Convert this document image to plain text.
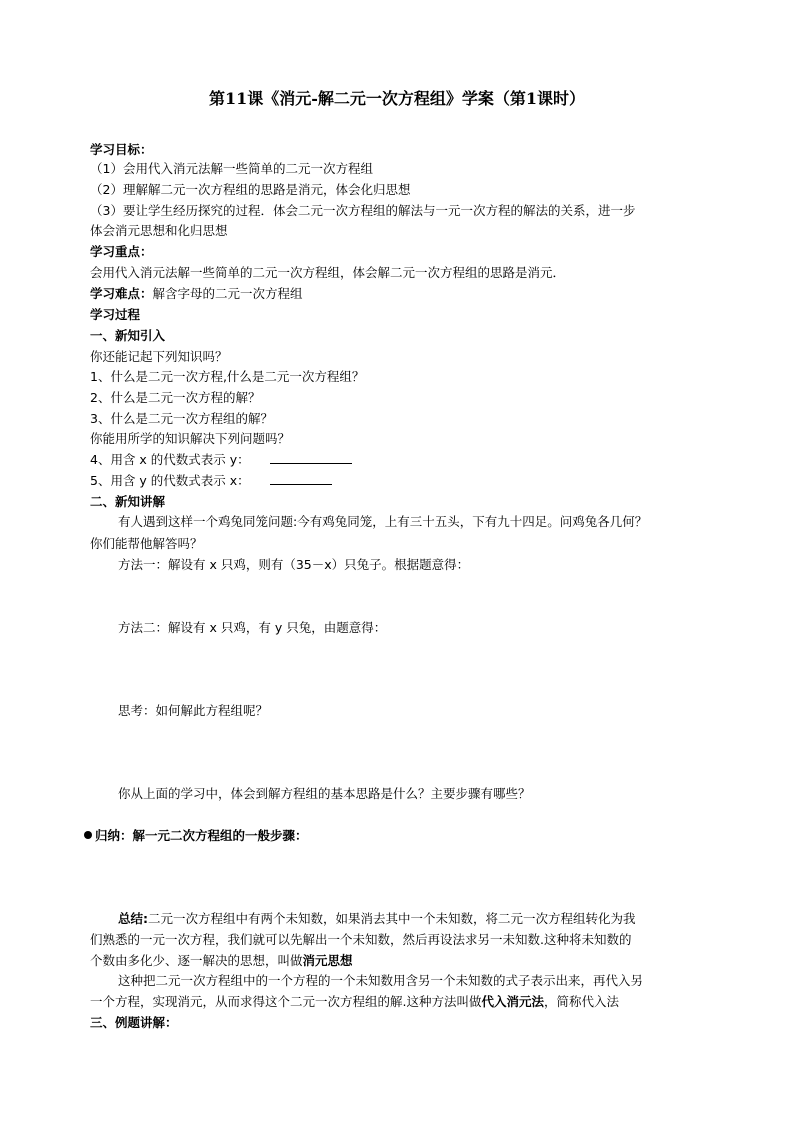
第11课《消元-解二元一次方程组》学案（第1课时）
学习目标：
（1）会用代入消元法解一些简单的二元一次方程组
（2）理解解二元一次方程组的思路是消元，体会化归思想
（3）要让学生经历探究的过程．体会二元一次方程组的解法与一元一次方程的解法的关系，进一步
体会消元思想和化归思想
学习重点：
会用代入消元法解一些简单的二元一次方程组，体会解二元一次方程组的思路是消元．
学习难点：解含字母的二元一次方程组
学习过程
一、新知引入
你还能记起下列知识吗？
1、什么是二元一次方程,什么是二元一次方程组？
2、什么是二元一次方程的解？
3、什么是二元一次方程组的解？
你能用所学的知识解决下列问题吗？
4、用含 x 的代数式表示 y：
5、用含 y 的代数式表示 x：
二、新知讲解
有人遇到这样一个鸡兔同笼问题:今有鸡兔同笼，上有三十五头，下有九十四足。问鸡兔各几何？
你们能帮他解答吗？
方法一：解设有 x 只鸡，则有（35－x）只兔子。根据题意得：
方法二：解设有 x 只鸡，有 y 只兔，由题意得：
思考：如何解此方程组呢？
你从上面的学习中，体会到解方程组的基本思路是什么？主要步骤有哪些？
归纳：解一元二次方程组的一般步骤：
总结:二元一次方程组中有两个未知数，如果消去其中一个未知数，将二元一次方程组转化为我
们熟悉的一元一次方程，我们就可以先解出一个未知数，然后再设法求另一未知数.这种将未知数的
个数由多化少、逐一解决的思想，叫做消元思想
这种把二元一次方程组中的一个方程的一个未知数用含另一个未知数的式子表示出来，再代入另
一个方程，实现消元，从而求得这个二元一次方程组的解.这种方法叫做代入消元法，简称代入法
三、例题讲解：
